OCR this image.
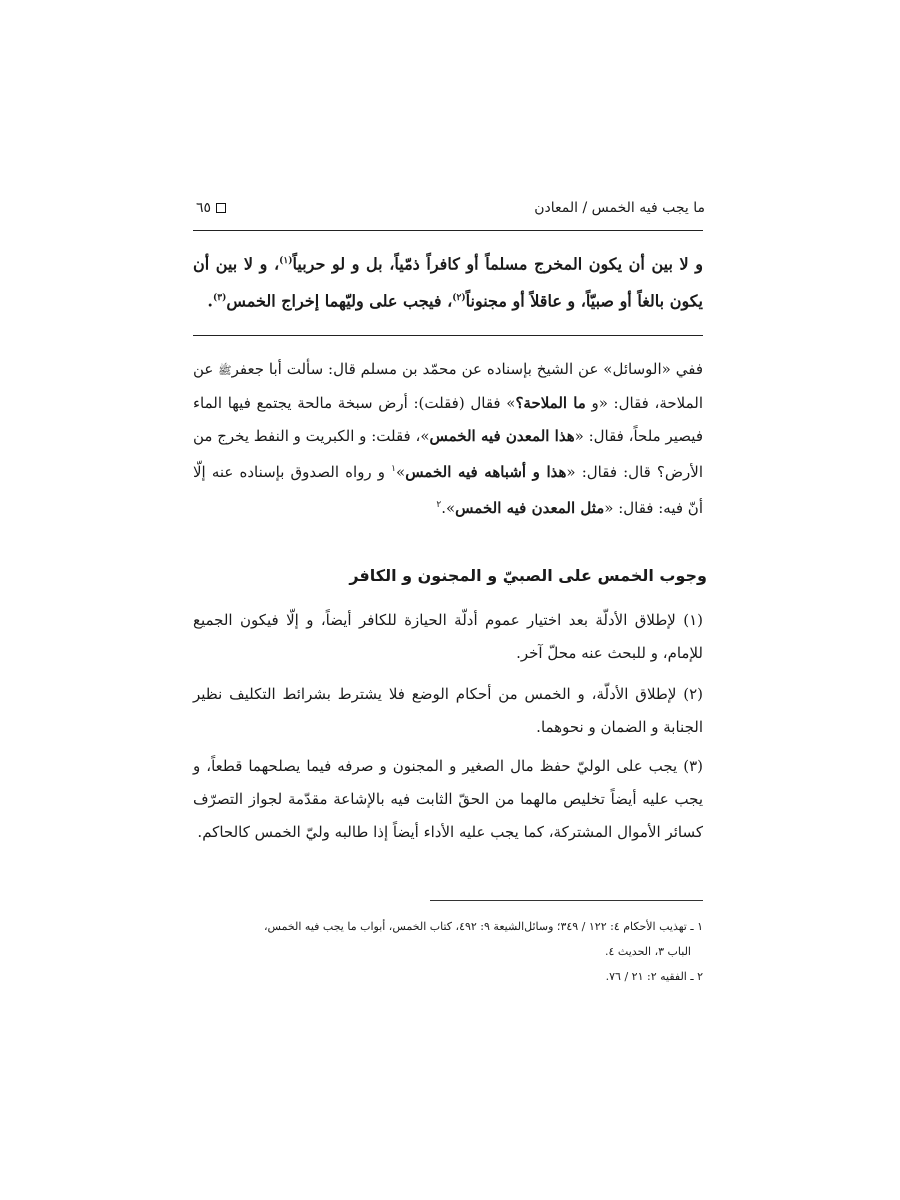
ما يجب فيه الخمس / المعادن
٦٥
و لا بين أن يكون المخرج مسلماً أو كافراً ذمّياً، بل و لو حربياً$^{(١)}$، و لا بين أن يكون بالغاً أو صبيّاً، و عاقلاً أو مجنوناً$^{(٢)}$، فيجب على وليّهما إخراج الخمس$^{(٣)}$.
ففي «الوسائل» عن الشيخ بإسناده عن محمّد بن مسلم قال: سألت أبا جعفرﷺ عن الملاحة، فقال: «و ما الملاحة؟» فقال (فقلت): أرض سبخة مالحة يجتمع فيها الماء فيصير ملحاً، فقال: «هذا المعدن فيه الخمس»، فقلت: و الكبريت و النفط يخرج من الأرض؟ قال: فقال: «هذا و أشباهه فيه الخمس»$^١$ و رواه الصدوق بإسناده عنه إلّا أنّ فيه: فقال: «مثل المعدن فيه الخمس».$^٢$
وجوب الخمس على الصبيّ و المجنون و الكافر

(١) لإطلاق الأدلّة بعد اختيار عموم أدلّة الحيازة للكافر أيضاً، و إلّا فيكون الجميع للإمام، و للبحث عنه محلّ آخر.

(٢) لإطلاق الأدلّة، و الخمس من أحكام الوضع فلا يشترط بشرائط التكليف نظير الجنابة و الضمان و نحوهما.

(٣) يجب على الوليّ حفظ مال الصغير و المجنون و صرفه فيما يصلحهما قطعاً، و يجب عليه أيضاً تخليص مالهما من الحقّ الثابت فيه بالإشاعة مقدّمة لجواز التصرّف كسائر الأموال المشتركة، كما يجب عليه الأداء أيضاً إذا طالبه وليّ الخمس كالحاكم.

١ ـ تهذيب الأحكام ٤: ١٢٢ / ٣٤٩؛ وسائل‌الشيعة ٩: ٤٩٢، كتاب الخمس، أبواب ما يجب فيه الخمس،

الباب ٣، الحديث ٤.

٢ ـ الفقيه ٢: ٢١ / ٧٦.
